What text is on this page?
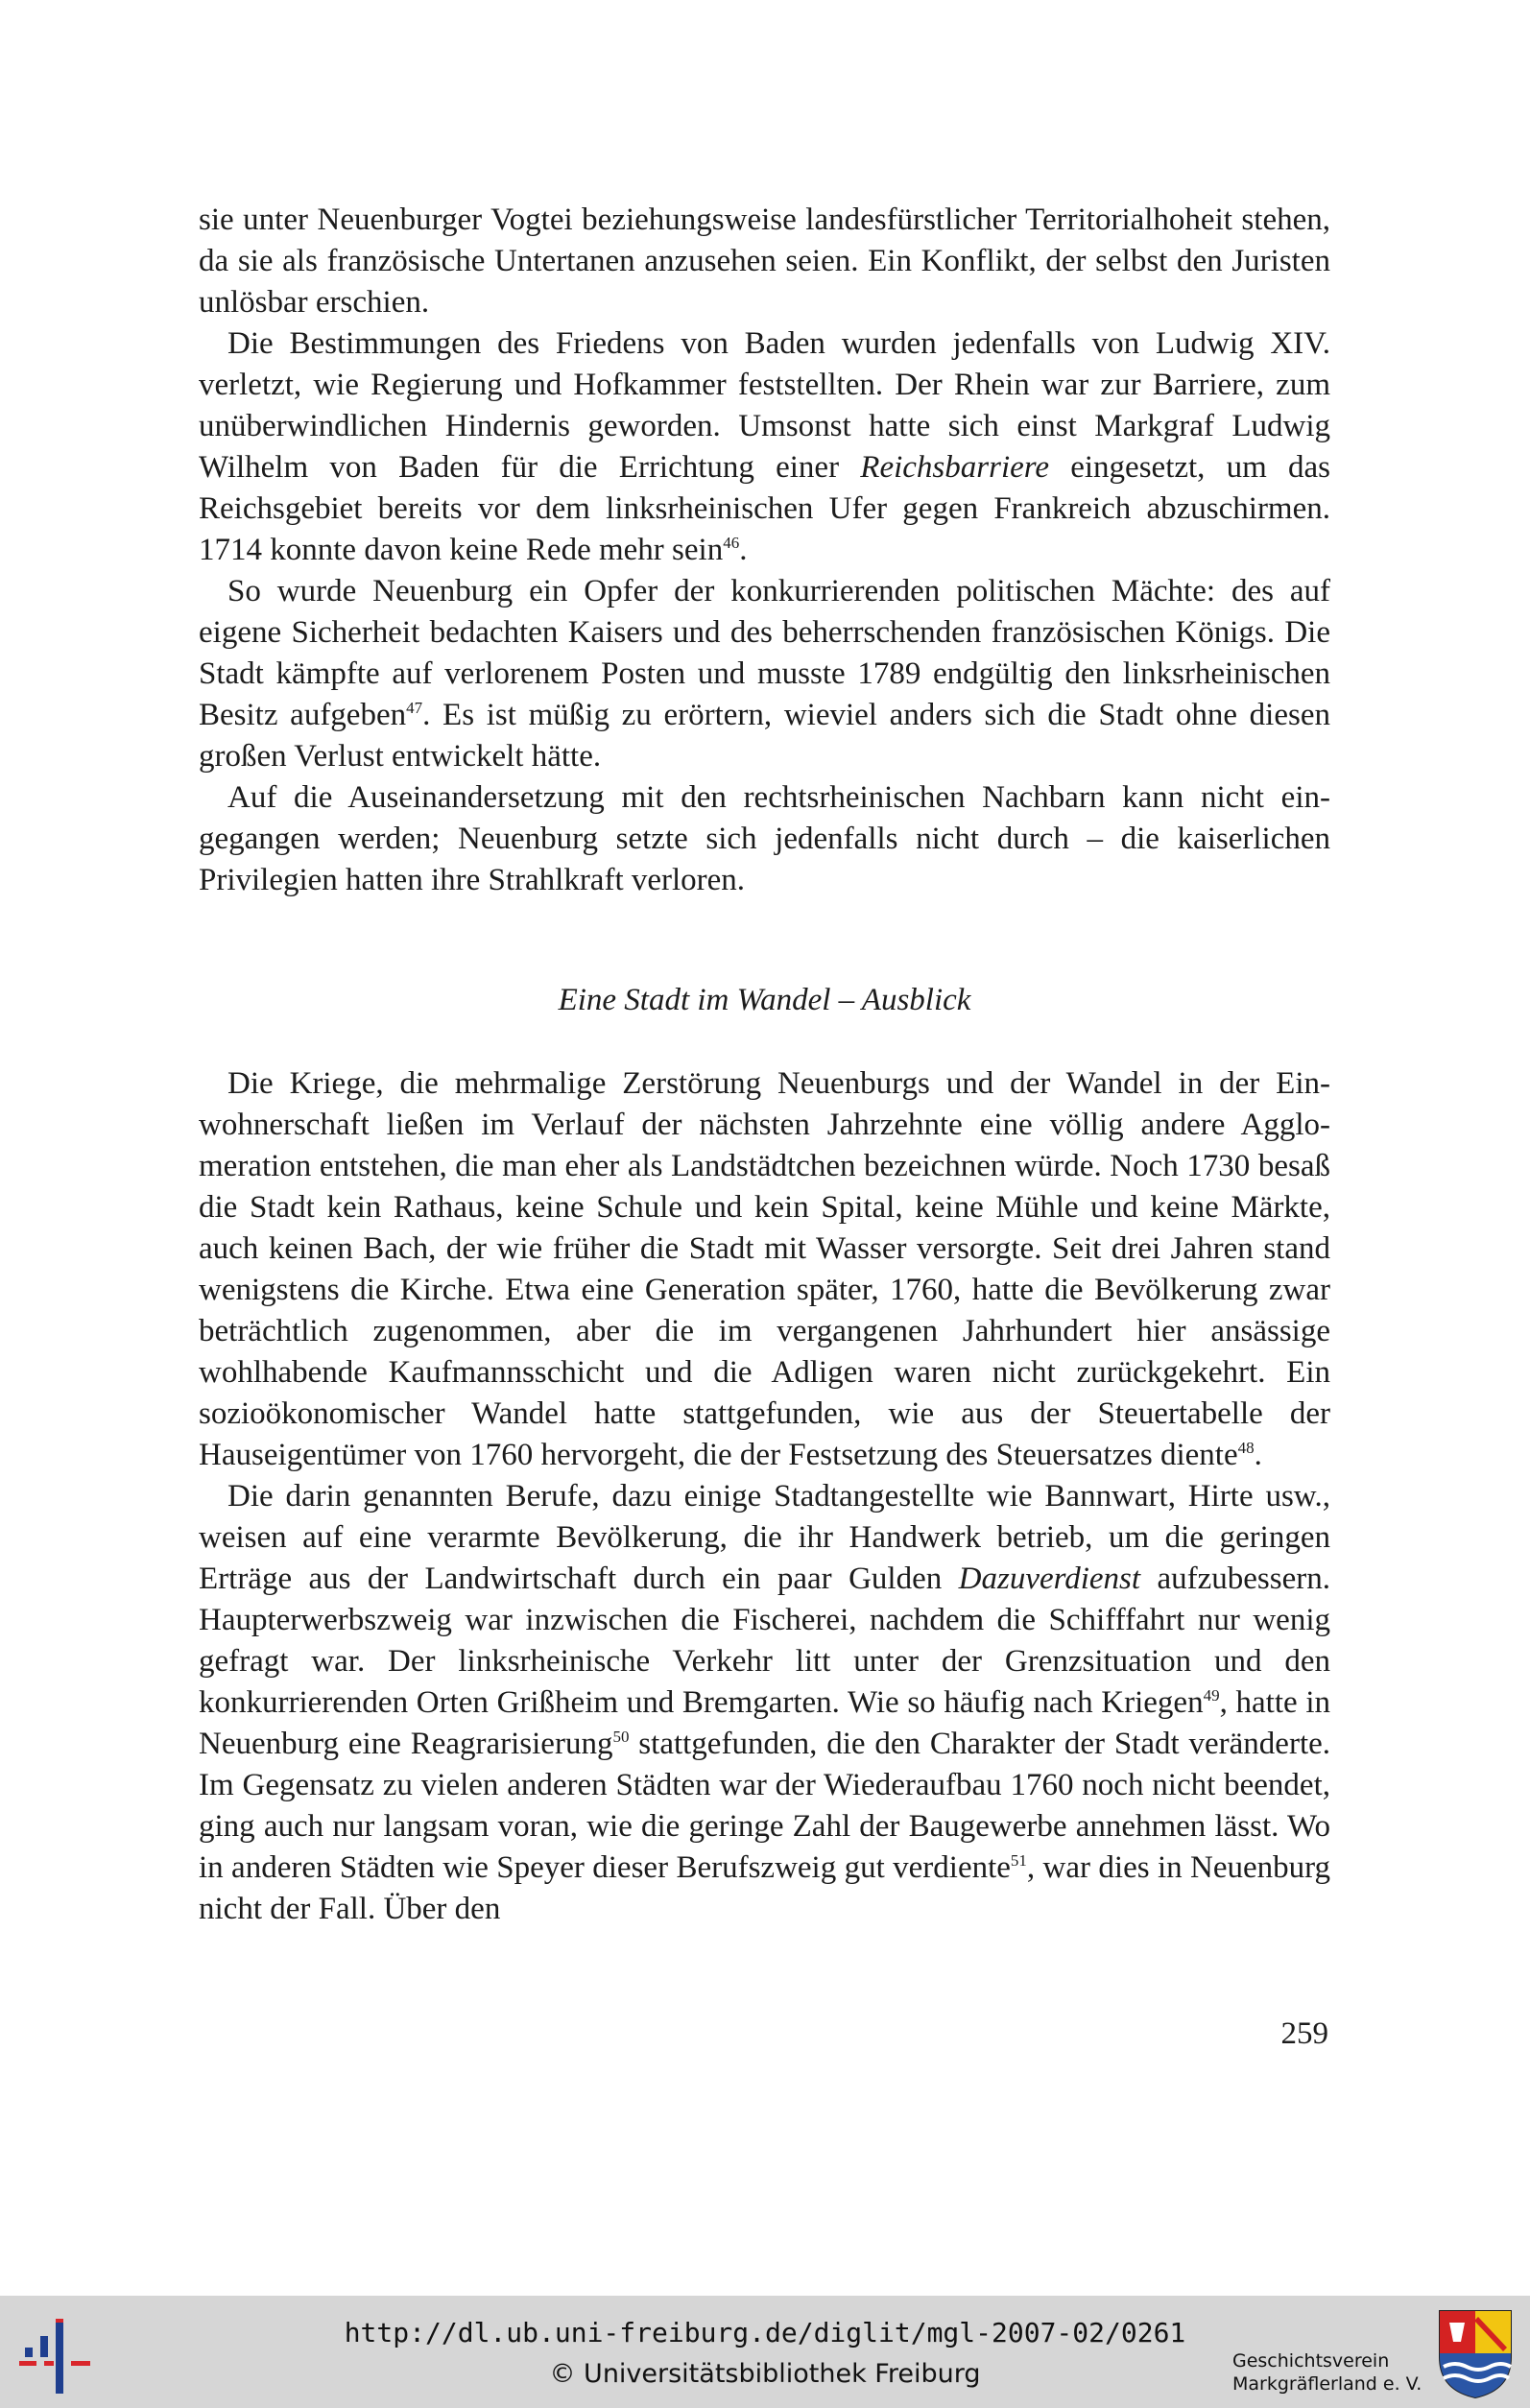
sie unter Neuenburger Vogtei beziehungsweise landesfürstlicher Territorialhoheit stehen, da sie als französische Untertanen anzusehen seien. Ein Konflikt, der selbst den Juristen unlösbar erschien.

Die Bestimmungen des Friedens von Baden wurden jedenfalls von Ludwig XIV. verletzt, wie Regierung und Hofkammer feststellten. Der Rhein war zur Barriere, zum unüberwindlichen Hindernis geworden. Umsonst hatte sich einst Markgraf Ludwig Wilhelm von Baden für die Errichtung einer Reichsbarriere eingesetzt, um das Reichsgebiet bereits vor dem linksrheinischen Ufer gegen Frankreich abzuschirmen. 1714 konnte davon keine Rede mehr sein$^{46}$.

So wurde Neuenburg ein Opfer der konkurrierenden politischen Mächte: des auf eigene Sicherheit bedachten Kaisers und des beherrschenden französischen Königs. Die Stadt kämpfte auf verlorenem Posten und musste 1789 endgültig den linksrheinischen Besitz aufgeben$^{47}$. Es ist müßig zu erörtern, wieviel anders sich die Stadt ohne diesen großen Verlust entwickelt hätte.

Auf die Auseinandersetzung mit den rechtsrheinischen Nachbarn kann nicht eingegangen werden; Neuenburg setzte sich jedenfalls nicht durch – die kaiserlichen Privilegien hatten ihre Strahlkraft verloren.

Eine Stadt im Wandel – Ausblick

Die Kriege, die mehrmalige Zerstörung Neuenburgs und der Wandel in der Einwohnerschaft ließen im Verlauf der nächsten Jahrzehnte eine völlig andere Agglomeration entstehen, die man eher als Landstädtchen bezeichnen würde. Noch 1730 besaß die Stadt kein Rathaus, keine Schule und kein Spital, keine Mühle und keine Märkte, auch keinen Bach, der wie früher die Stadt mit Wasser versorgte. Seit drei Jahren stand wenigstens die Kirche. Etwa eine Generation später, 1760, hatte die Bevölkerung zwar beträchtlich zugenommen, aber die im vergangenen Jahrhundert hier ansässige wohlhabende Kaufmannsschicht und die Adligen waren nicht zurückgekehrt. Ein sozioökonomischer Wandel hatte stattgefunden, wie aus der Steuertabelle der Hauseigentümer von 1760 hervorgeht, die der Festsetzung des Steuersatzes diente$^{48}$.

Die darin genannten Berufe, dazu einige Stadtangestellte wie Bannwart, Hirte usw., weisen auf eine verarmte Bevölkerung, die ihr Handwerk betrieb, um die geringen Erträge aus der Landwirtschaft durch ein paar Gulden Dazuverdienst aufzubessern. Haupterwerbszweig war inzwischen die Fischerei, nachdem die Schifffahrt nur wenig gefragt war. Der linksrheinische Verkehr litt unter der Grenzsituation und den konkurrierenden Orten Grißheim und Bremgarten. Wie so häufig nach Kriegen$^{49}$, hatte in Neuenburg eine Reagrarisierung$^{50}$ stattgefunden, die den Charakter der Stadt veränderte. Im Gegensatz zu vielen anderen Städten war der Wiederaufbau 1760 noch nicht beendet, ging auch nur langsam voran, wie die geringe Zahl der Baugewerbe annehmen lässt. Wo in anderen Städten wie Speyer dieser Berufszweig gut verdiente$^{51}$, war dies in Neuenburg nicht der Fall. Über den

259
http://dl.ub.uni-freiburg.de/diglit/mgl-2007-02/0261
© Universitätsbibliothek Freiburg	Geschichtsverein
Markgräflerland e. V.
